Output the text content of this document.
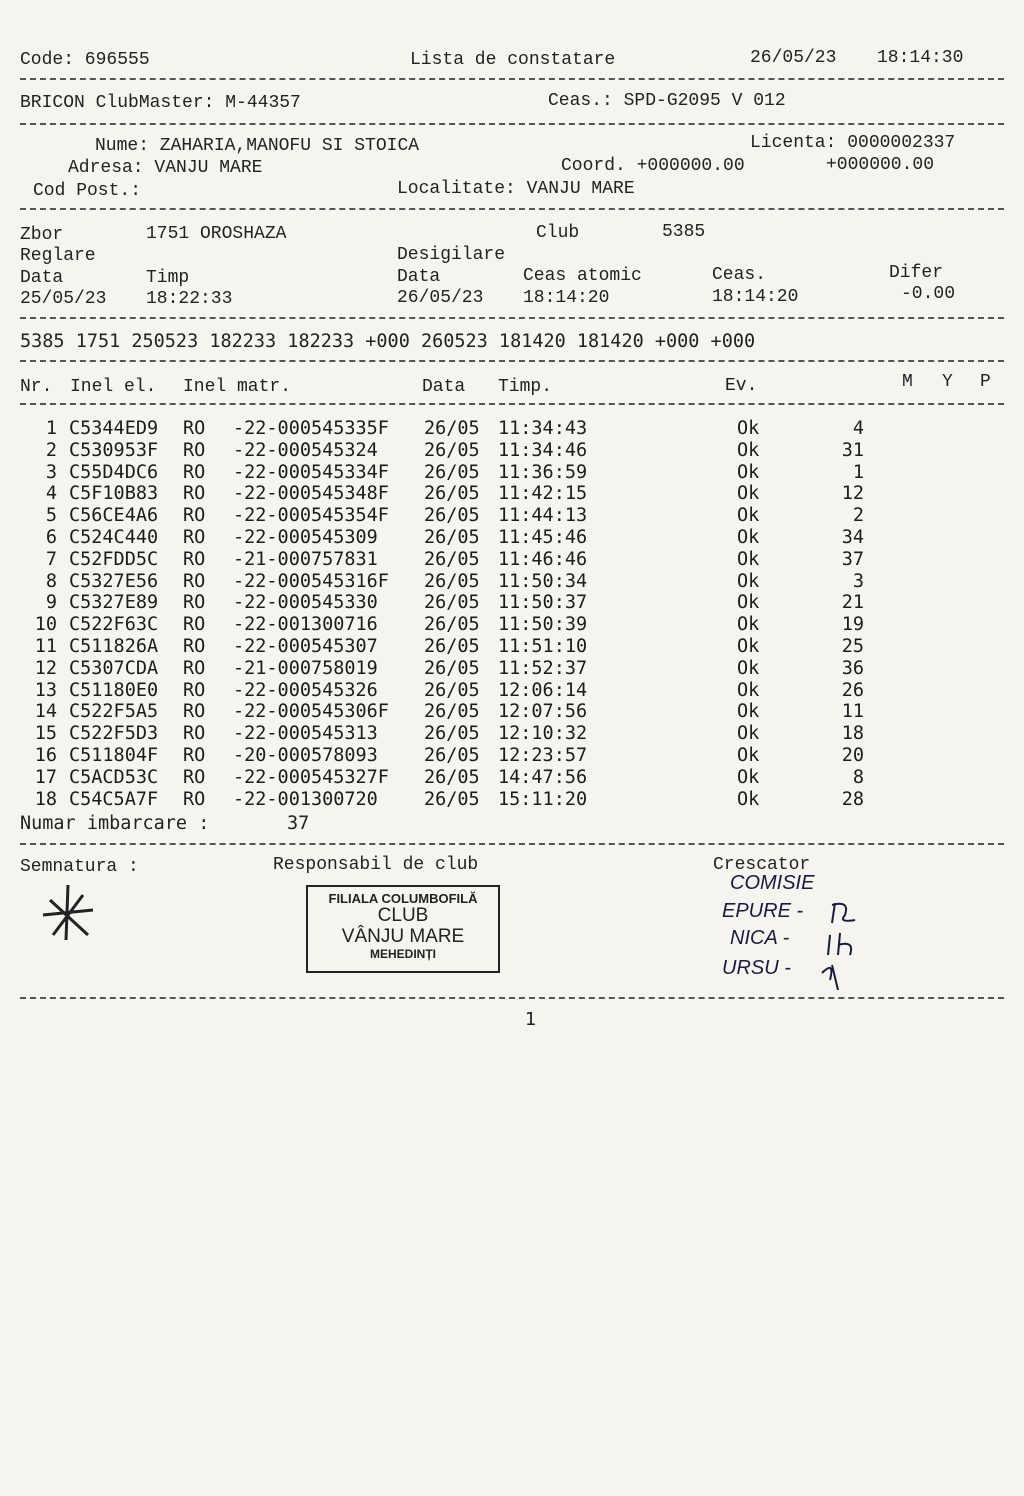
Code: 696555	Lista de constatare	26/05/23 18:14:30
BRICON ClubMaster: M-44357	Ceas.: SPD-G2095 V 012
Nume: ZAHARIA,MANOFU SI STOICA	Licenta: 0000002337
Adresa: VANJU MARE	Coord. +000000.00	+000000.00
Cod Post.:	Localitate: VANJU MARE
Zbor	1751 OROSHAZA	Club	5385
Reglare	Desigilare
Data	Timp	Data	Ceas atomic	Ceas.	Difer
25/05/23 18:22:33	26/05/23 18:14:20	18:14:20	-0.00
5385 1751 250523 182233 182233 +000 260523 181420 181420 +000 +000
Nr. Inel el. Inel matr.	Data Timp.	Ev.	M Y P
1 C5344ED9 RO -22-000545335F 26/05 11:34:43	Ok	4
2 C530953F RO -22-000545324 26/05 11:34:46	Ok	31
3 C55D4DC6 RO -22-000545334F 26/05 11:36:59	Ok	1
4 C5F10B83 RO -22-000545348F 26/05 11:42:15	Ok	12
5 C56CE4A6 RO -22-000545354F 26/05 11:44:13	Ok	2
6 C524C440 RO -22-000545309 26/05 11:45:46	Ok	34
7 C52FDD5C RO -21-000757831 26/05 11:46:46	Ok	37
8 C5327E56 RO -22-000545316F 26/05 11:50:34	Ok	3
9 C5327E89 RO -22-000545330 26/05 11:50:37	Ok	21
10 C522F63C RO -22-001300716 26/05 11:50:39	Ok	19
11 C511826A RO -22-000545307 26/05 11:51:10	Ok	25
12 C5307CDA RO -21-000758019 26/05 11:52:37	Ok	36
13 C51180E0 RO -22-000545326 26/05 12:06:14	Ok	26
14 C522F5A5 RO -22-000545306F 26/05 12:07:56	Ok	11
15 C522F5D3 RO -22-000545313 26/05 12:10:32	Ok	18
16 C511804F RO -20-000578093 26/05 12:23:57	Ok	20
17 C5ACD53C RO -22-000545327F 26/05 14:47:56	Ok	8
18 C54C5A7F RO -22-001300720 26/05 15:11:20	Ok	28
Numar imbarcare :	37
Semnatura :	Responsabil de club	Crescator
FILIALA COLUMBOFILĂ
CLUB
VÂNJU MARE
MEHEDINȚI
COMISIE
EPURE -
NICA -
URSU -
1
